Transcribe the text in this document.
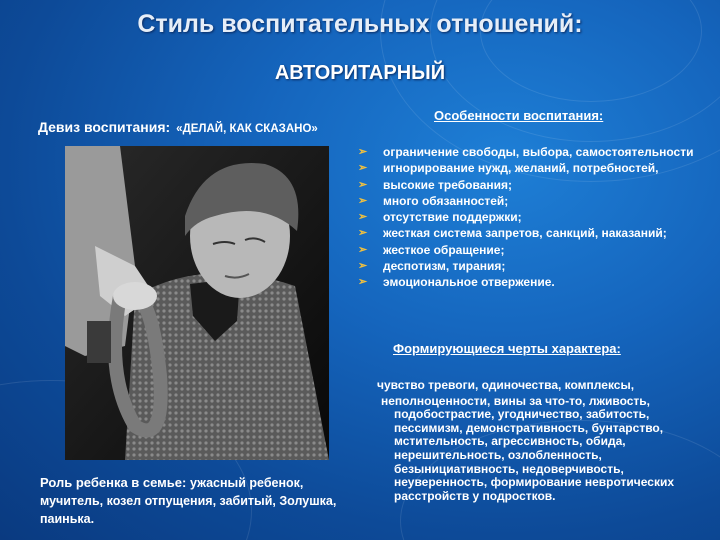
Стиль воспитательных отношений:
АВТОРИТАРНЫЙ
Девиз воспитания: «ДЕЛАЙ, КАК СКАЗАНО»
Роль ребенка в семье: ужасный ребенок, мучитель, козел отпущения, забитый, Золушка, паинька.
Особенности воспитания:
➢ ограничение свободы, выбора, самостоятельности
➢ игнорирование нужд, желаний, потребностей,
➢ высокие требования;
➢ много обязанностей;
➢ отсутствие поддержки;
➢ жесткая система запретов, санкций, наказаний;
➢ жесткое обращение;
➢ деспотизм, тирания;
➢ эмоциональное отвержение.
Формирующиеся черты характера:
чувство тревоги, одиночества, комплексы,
неполноценности, вины за что-то, лживость, подобострастие, угодничество, забитость, пессимизм, демонстративность, бунтарство, мстительность, агрессивность, обида, нерешительность, озлобленность, безынициативность, недоверчивость, неуверенность, формирование невротических расстройств у подростков.
